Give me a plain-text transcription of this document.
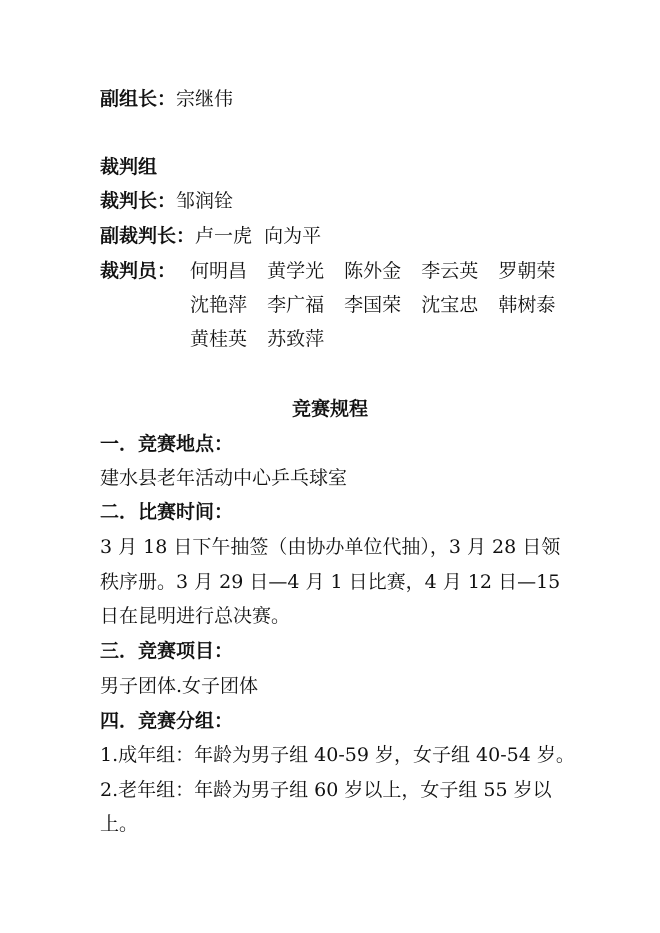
副组长：宗继伟
裁判组
裁判长：邹润铨
副裁判长：卢一虎  向为平
裁判员： 何明昌  黄学光  陈外金  李云英  罗朝荣
沈艳萍  李广福  李国荣  沈宝忠  韩树泰
黄桂英  苏致萍
竞赛规程
一．竞赛地点：
建水县老年活动中心乒乓球室
二．比赛时间：
3 月 18 日下午抽签（由协办单位代抽），3 月 28 日领
秩序册。3 月 29 日—4 月 1 日比赛，4 月 12 日—15
日在昆明进行总决赛。
三．竞赛项目：
男子团体.女子团体
四．竞赛分组：
1.成年组：年龄为男子组 40-59 岁，女子组 40-54 岁。
2.老年组：年龄为男子组 60 岁以上，女子组 55 岁以
上。
